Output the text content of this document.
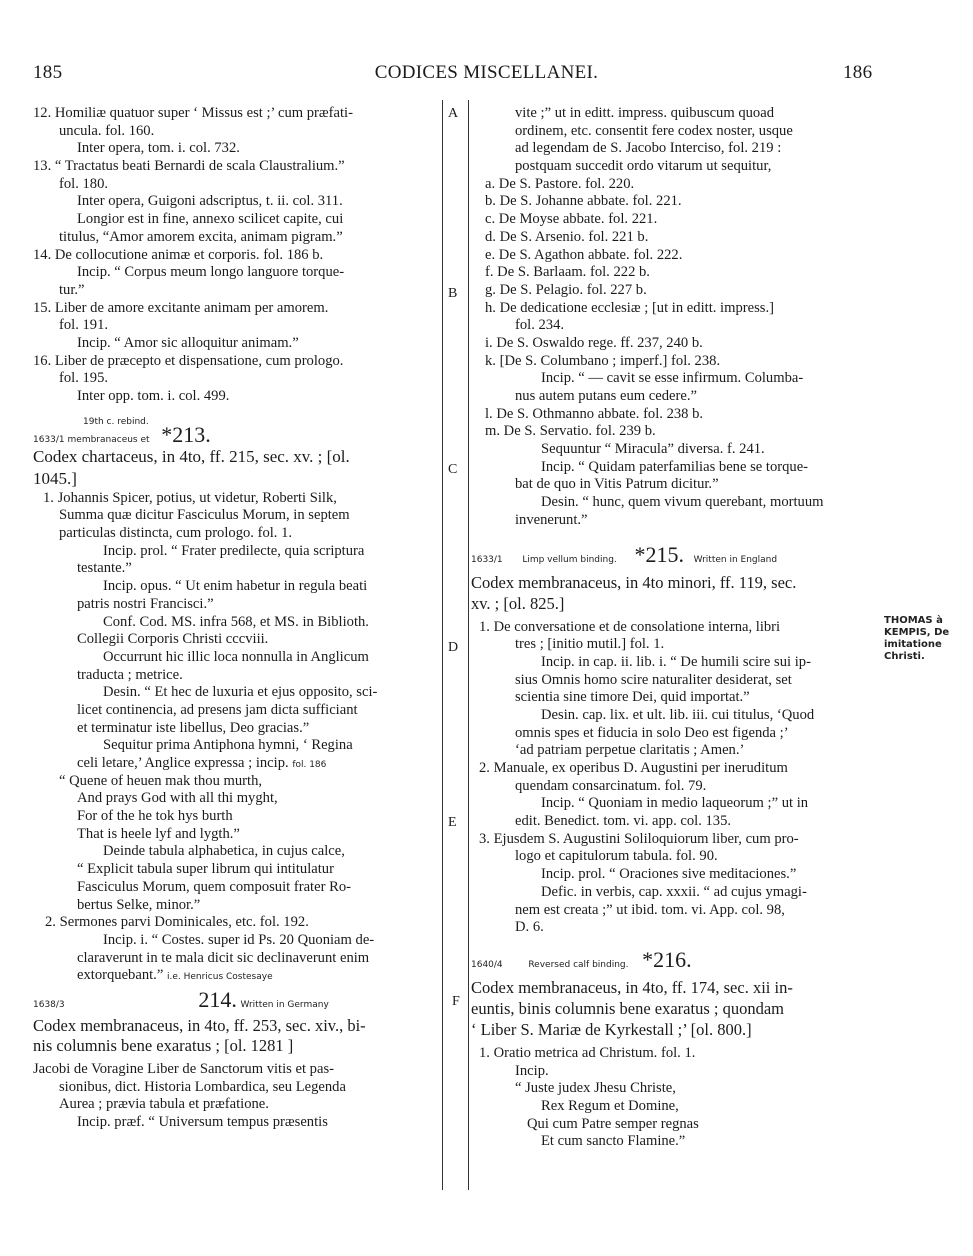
185	CODICES MISCELLANEI.	186
A
B
C
D
E
F
THOMAS à
KEMPIS, De
imitatione
Christi.
12. Homiliæ quatuor super ‘ Missus est ;’ cum præfati-
uncula. fol. 160.
Inter opera, tom. i. col. 732.
13. “ Tractatus beati Bernardi de scala Claustralium.”
fol. 180.
Inter opera, Guigoni adscriptus, t. ii. col. 311.
Longior est in fine, annexo scilicet capite, cui
titulus, “Amor amorem excita, animam pigram.”
14. De collocutione animæ et corporis. fol. 186 b.
Incip. “ Corpus meum longo languore torque-
tur.”
15. Liber de amore excitante animam per amorem.
fol. 191.
Incip. “ Amor sic alloquitur animam.”
16. Liber de præcepto et dispensatione, cum prologo.
fol. 195.
Inter opp. tom. i. col. 499.
19th c. rebind.
1633/1 membranaceus et *213.
Codex chartaceus, in 4to, ff. 215, sec. xv. ; [ol.
1045.]
1. Johannis Spicer, potius, ut videtur, Roberti Silk,
Summa quæ dicitur Fasciculus Morum, in septem
particulas distincta, cum prologo. fol. 1.
Incip. prol. “ Frater predilecte, quia scriptura
testante.”
Incip. opus. “ Ut enim habetur in regula beati
patris nostri Francisci.”
Conf. Cod. MS. infra 568, et MS. in Biblioth.
Collegii Corporis Christi cccviii.
Occurrunt hic illic loca nonnulla in Anglicum
traducta ; metrice.
Desin. “ Et hec de luxuria et ejus opposito, sci-
licet continencia, ad presens jam dicta sufficiant
et terminatur iste libellus, Deo gracias.”
Sequitur prima Antiphona hymni, ‘ Regina
celi letare,’ Anglice expressa ; incip. fol. 186
“ Quene of heuen mak thou murth,
And prays God with all thi myght,
For of the he tok hys burth
That is heele lyf and lygth.”
Deinde tabula alphabetica, in cujus calce,
“ Explicit tabula super librum qui intitulatur
Fasciculus Morum, quem composuit frater Ro-
bertus Selke, minor.”
2. Sermones parvi Dominicales, etc. fol. 192.
Incip. i. “ Costes. super id Ps. 20 Quoniam de-
claraverunt in te mala dicit sic declinaverunt enim
extorquebant.” i.e. Henricus Costesaye
1638/3	214. Written in Germany
Codex membranaceus, in 4to, ff. 253, sec. xiv., bi-
nis columnis bene exaratus ; [ol. 1281 ]
Jacobi de Voragine Liber de Sanctorum vitis et pas-
sionibus, dict. Historia Lombardica, seu Legenda
Aurea ; prævia tabula et præfatione.
Incip. præf. “ Universum tempus præsentis
vite ;” ut in editt. impress. quibuscum quoad
ordinem, etc. consentit fere codex noster, usque
ad legendam de S. Jacobo Interciso, fol. 219 :
postquam succedit ordo vitarum ut sequitur,
a. De S. Pastore. fol. 220.
b. De S. Johanne abbate. fol. 221.
c. De Moyse abbate. fol. 221.
d. De S. Arsenio. fol. 221 b.
e. De S. Agathon abbate. fol. 222.
f. De S. Barlaam. fol. 222 b.
g. De S. Pelagio. fol. 227 b.
h. De dedicatione ecclesiæ ; [ut in editt. impress.]
fol. 234.
i. De S. Oswaldo rege. ff. 237, 240 b.
k. [De S. Columbano ; imperf.] fol. 238.
Incip. “ — cavit se esse infirmum. Columba-
nus autem putans eum cedere.”
l. De S. Othmanno abbate. fol. 238 b.
m. De S. Servatio. fol. 239 b.
Sequuntur “ Miracula” diversa. f. 241.
Incip. “ Quidam paterfamilias bene se torque-
bat de quo in Vitis Patrum dicitur.”
Desin. “ hunc, quem vivum querebant, mortuum
invenerunt.”
1633/1 Limp vellum binding. *215. Written in England
Codex membranaceus, in 4to minori, ff. 119, sec.
xv. ; [ol. 825.]
1. De conversatione et de consolatione interna, libri
tres ; [initio mutil.] fol. 1.
Incip. in cap. ii. lib. i. “ De humili scire sui ip-
sius Omnis homo scire naturaliter desiderat, set
scientia sine timore Dei, quid importat.”
Desin. cap. lix. et ult. lib. iii. cui titulus, ‘Quod
omnis spes et fiducia in solo Deo est figenda ;’
‘ad patriam perpetue claritatis ; Amen.’
2. Manuale, ex operibus D. Augustini per ineruditum
quendam consarcinatum. fol. 79.
Incip. “ Quoniam in medio laqueorum ;” ut in
edit. Benedict. tom. vi. app. col. 135.
3. Ejusdem S. Augustini Soliloquiorum liber, cum pro-
logo et capitulorum tabula. fol. 90.
Incip. prol. “ Oraciones sive meditaciones.”
Defic. in verbis, cap. xxxii. “ ad cujus ymagi-
nem est creata ;” ut ibid. tom. vi. App. col. 98,
D. 6.
1640/4	Reversed calf binding. *216.
Codex membranaceus, in 4to, ff. 174, sec. xii in-
euntis, binis columnis bene exaratus ; quondam
‘ Liber S. Mariæ de Kyrkestall ;’ [ol. 800.]
1. Oratio metrica ad Christum. fol. 1.
Incip.
“ Juste judex Jhesu Christe,
Rex Regum et Domine,
Qui cum Patre semper regnas
Et cum sancto Flamine.”
